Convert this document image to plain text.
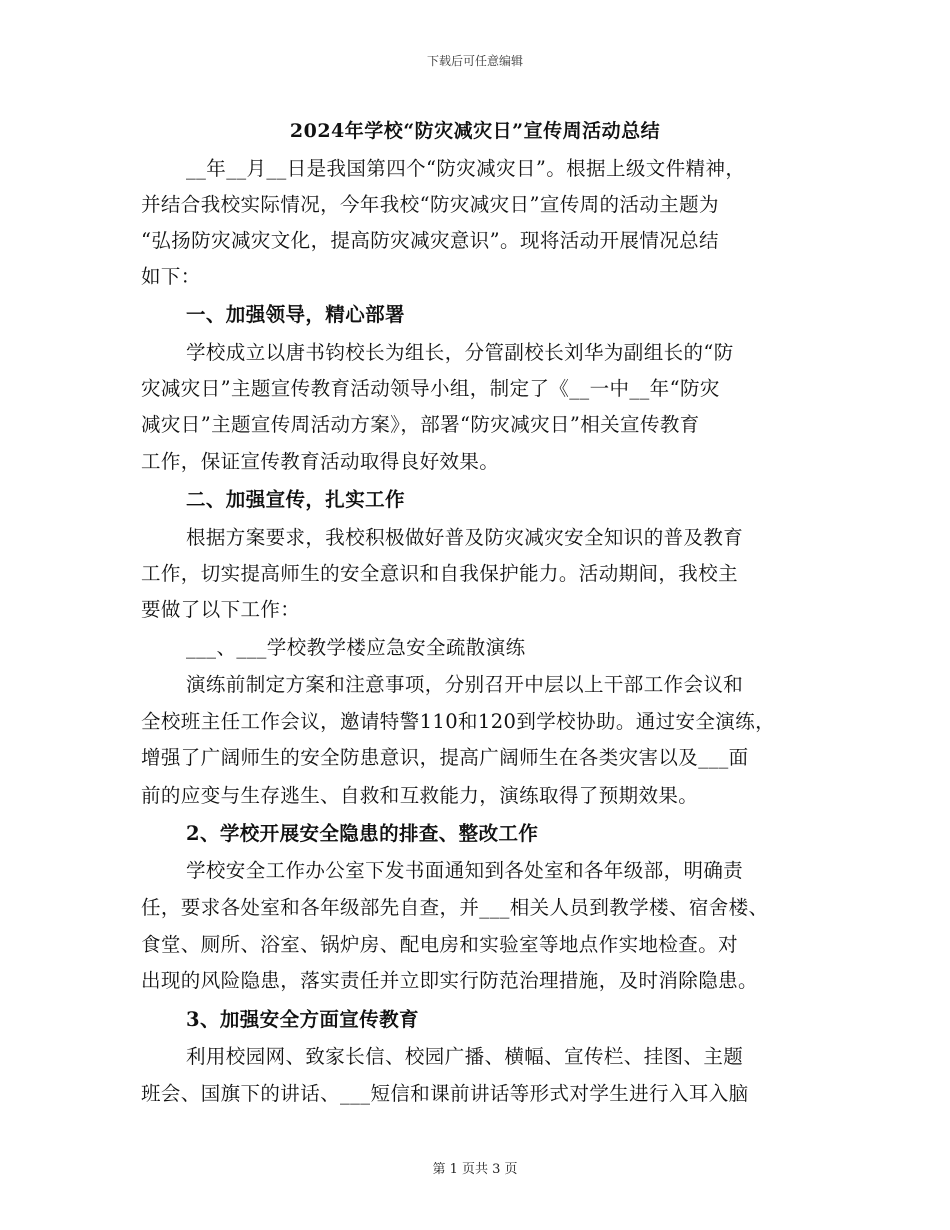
下载后可任意编辑
2024年学校“防灾减灾日”宣传周活动总结
__年__月__日是我国第四个“防灾减灾日”。根据上级文件精神，
并结合我校实际情况，今年我校“防灾减灾日”宣传周的活动主题为
“弘扬防灾减灾文化，提高防灾减灾意识”。现将活动开展情况总结
如下：
一、加强领导，精心部署
学校成立以唐书钧校长为组长，分管副校长刘华为副组长的“防
灾减灾日”主题宣传教育活动领导小组，制定了《__一中__年“防灾
减灾日”主题宣传周活动方案》，部署“防灾减灾日”相关宣传教育
工作，保证宣传教育活动取得良好效果。
二、加强宣传，扎实工作
根据方案要求，我校积极做好普及防灾减灾安全知识的普及教育
工作，切实提高师生的安全意识和自我保护能力。活动期间，我校主
要做了以下工作：
___、___学校教学楼应急安全疏散演练
演练前制定方案和注意事项，分别召开中层以上干部工作会议和
全校班主任工作会议，邀请特警110和120到学校协助。通过安全演练，
增强了广阔师生的安全防患意识，提高广阔师生在各类灾害以及___面
前的应变与生存逃生、自救和互救能力，演练取得了预期效果。
2、学校开展安全隐患的排查、整改工作
学校安全工作办公室下发书面通知到各处室和各年级部，明确责
任，要求各处室和各年级部先自查，并___相关人员到教学楼、宿舍楼、
食堂、厕所、浴室、锅炉房、配电房和实验室等地点作实地检查。对
出现的风险隐患，落实责任并立即实行防范治理措施，及时消除隐患。
3、加强安全方面宣传教育
利用校园网、致家长信、校园广播、横幅、宣传栏、挂图、主题
班会、国旗下的讲话、___短信和课前讲话等形式对学生进行入耳入脑
第 1 页共 3 页
